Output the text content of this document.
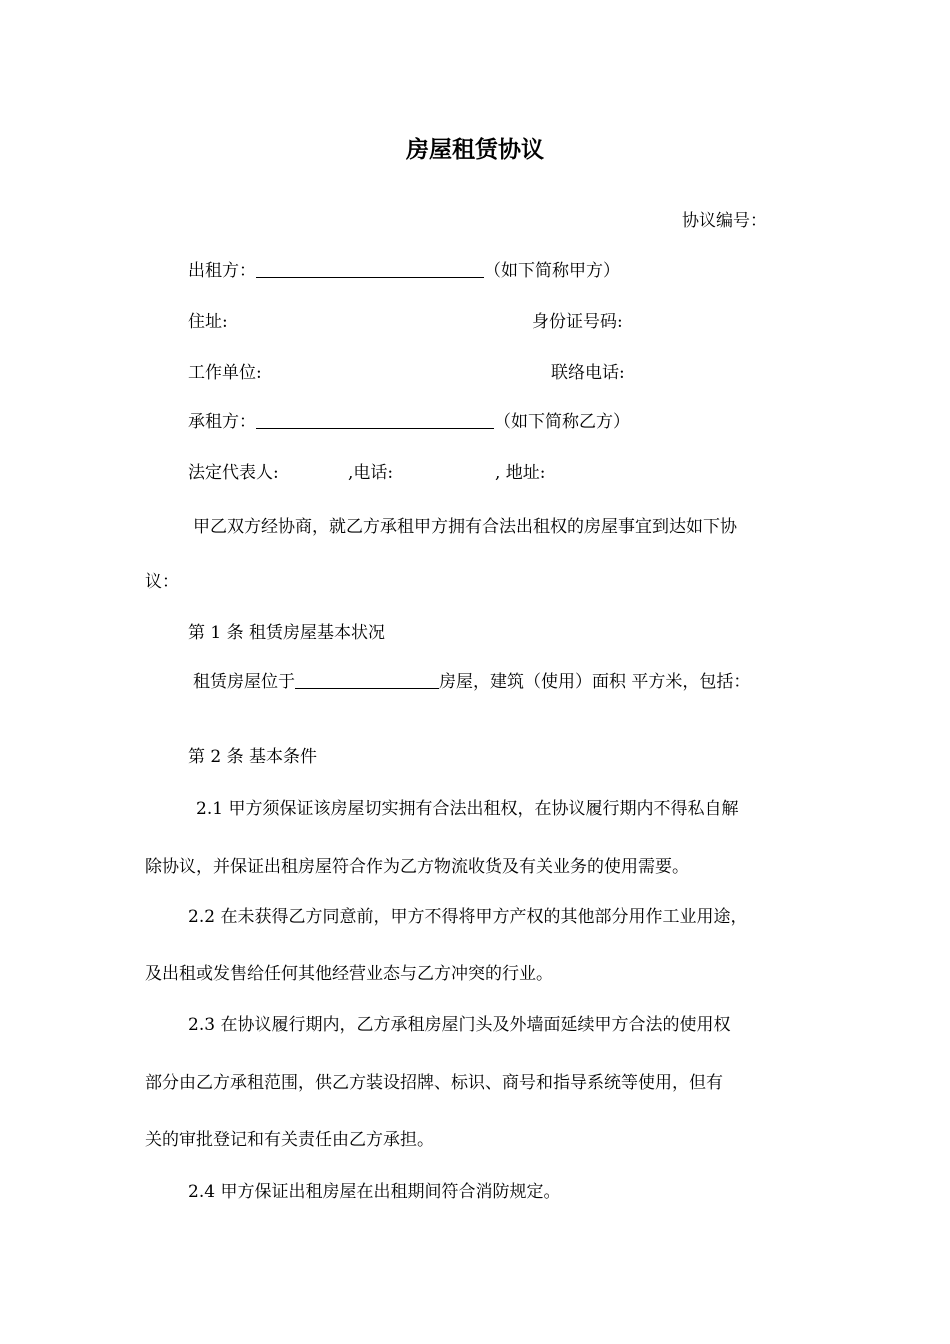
房屋租赁协议
协议编号：
出租方：	（如下简称甲方）
住址:	身份证号码:
工作单位:	联络电话:
承租方：	（如下简称乙方）
法定代表人:	,电话:	, 地址:
甲乙双方经协商，就乙方承租甲方拥有合法出租权的房屋事宜到达如下协
议：
第 1 条 租赁房屋基本状况
租赁房屋位于	房屋，建筑（使用）面积 平方米，包括：
第 2 条 基本条件
2.1 甲方须保证该房屋切实拥有合法出租权，在协议履行期内不得私自解
除协议，并保证出租房屋符合作为乙方物流收货及有关业务的使用需要。
2.2 在未获得乙方同意前，甲方不得将甲方产权的其他部分用作工业用途，
及出租或发售给任何其他经营业态与乙方冲突的行业。
2.3 在协议履行期内，乙方承租房屋门头及外墙面延续甲方合法的使用权
部分由乙方承租范围，供乙方装设招牌、标识、商号和指导系统等使用，但有
关的审批登记和有关责任由乙方承担。
2.4 甲方保证出租房屋在出租期间符合消防规定。
